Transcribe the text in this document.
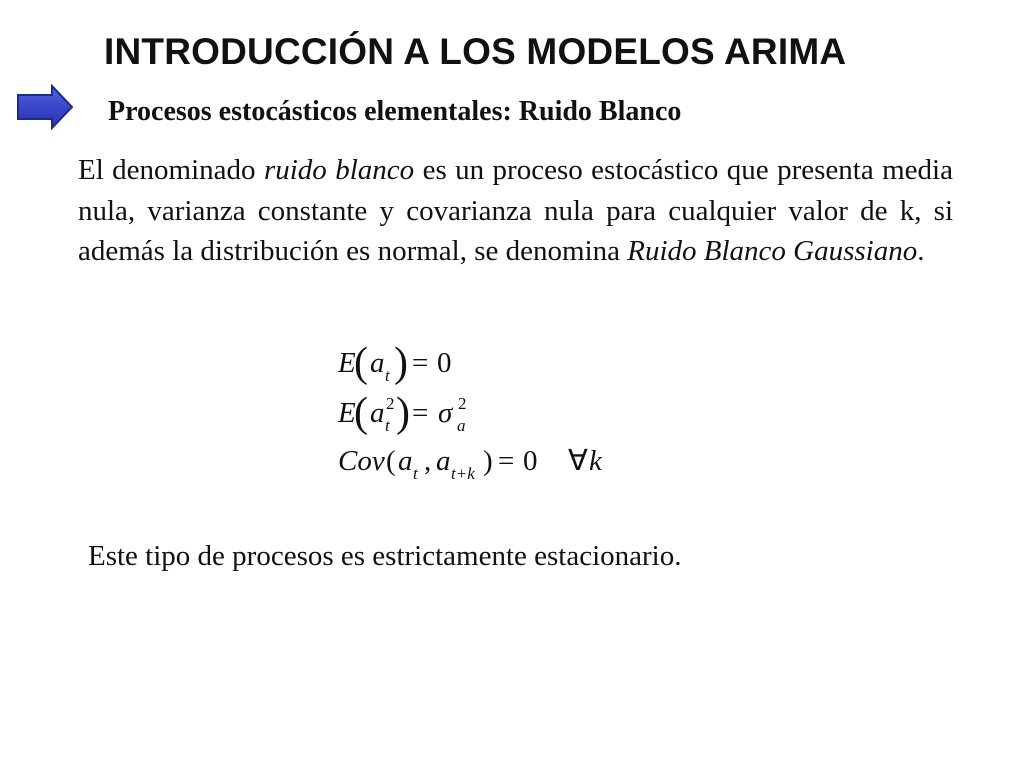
INTRODUCCIÓN A LOS MODELOS ARIMA
Procesos estocásticos elementales: Ruido Blanco
El denominado ruido blanco es un proceso estocástico que presenta media nula, varianza constante y covarianza nula para cualquier valor de k, si además la distribución es normal, se denomina Ruido Blanco Gaussiano.
E
( a t ) = 0
E
( a 2
t ) = σ 2
a
Cov ( a t , a t+k ) = 0 ∀ k
Este tipo de procesos es estrictamente estacionario.
